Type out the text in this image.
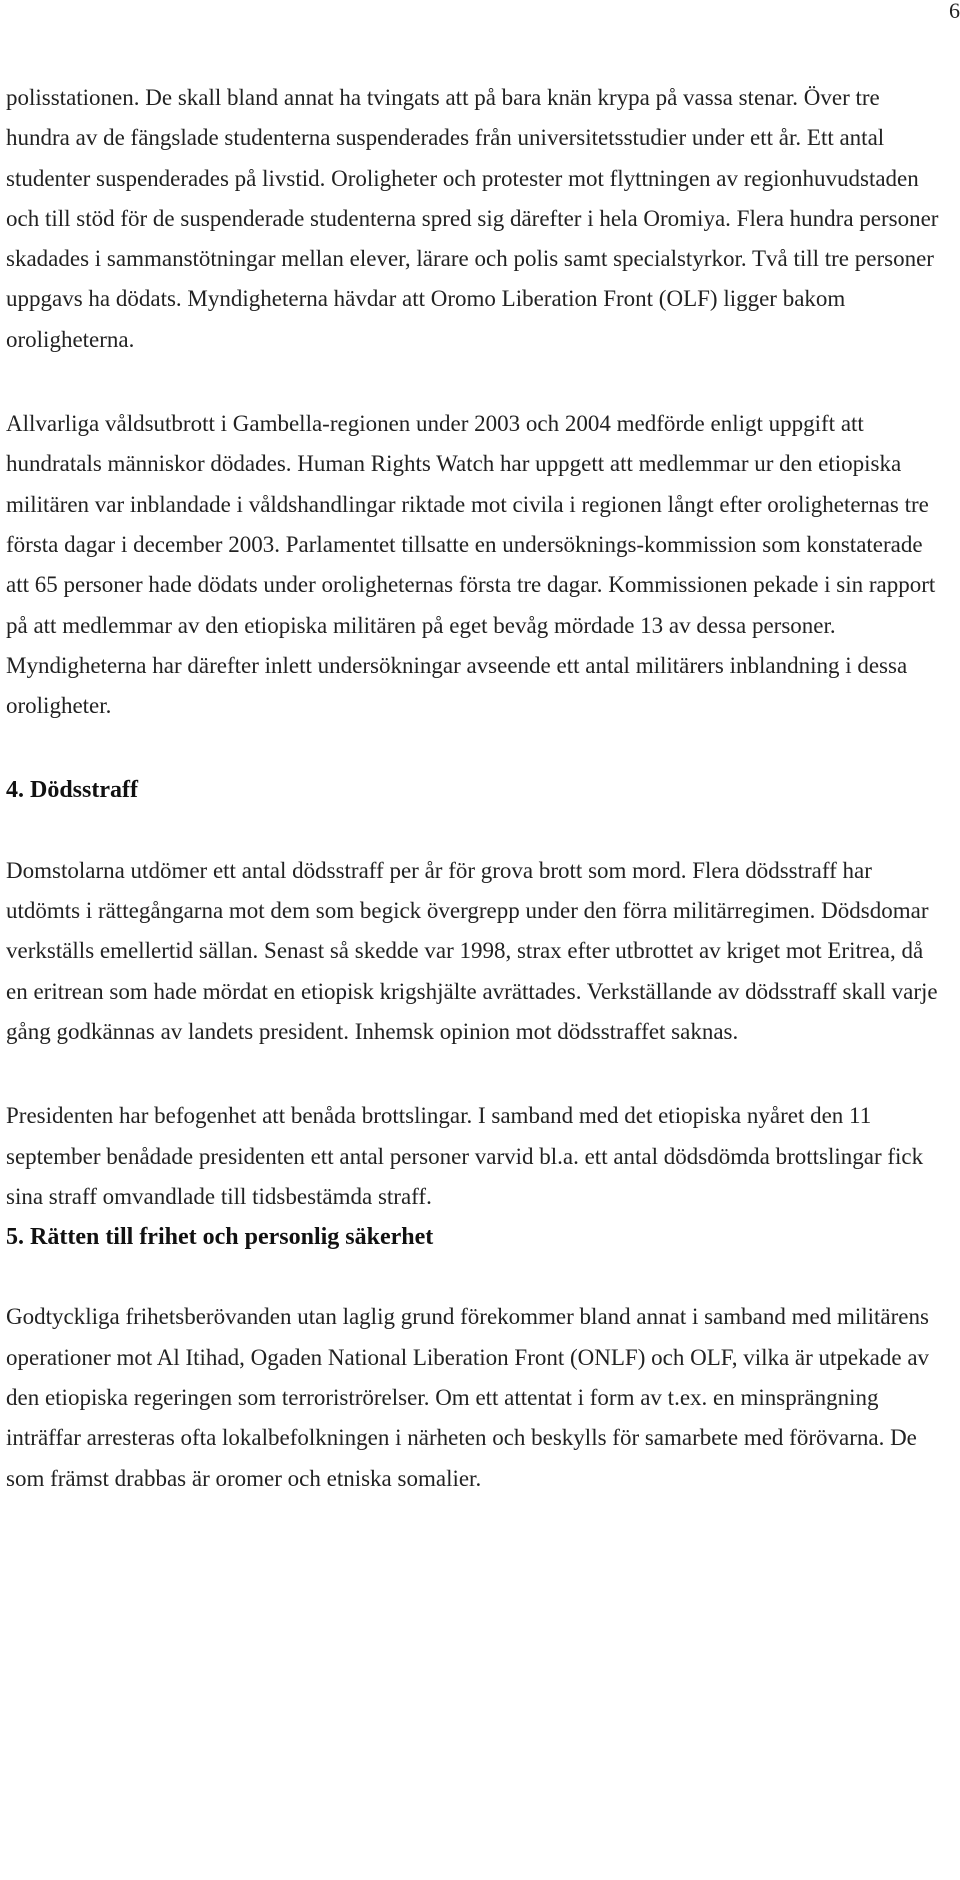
6

polisstationen. De skall bland annat ha tvingats att på bara knän krypa på vassa stenar. Över tre hundra av de fängslade studenterna suspenderades från universitetsstudier under ett år. Ett antal studenter suspenderades på livstid. Oroligheter och protester mot flyttningen av regionhuvudstaden och till stöd för de suspenderade studenterna spred sig därefter i hela Oromiya. Flera hundra personer skadades i sammanstötningar mellan elever, lärare och polis samt specialstyrkor. Två till tre personer uppgavs ha dödats. Myndigheterna hävdar att Oromo Liberation Front (OLF) ligger bakom oroligheterna.

Allvarliga våldsutbrott i Gambella-regionen under 2003 och 2004 medförde enligt uppgift att hundratals människor dödades. Human Rights Watch har uppgett att medlemmar ur den etiopiska militären var inblandade i våldshandlingar riktade mot civila i regionen långt efter oroligheternas tre första dagar i december 2003. Parlamentet tillsatte en undersöknings-kommission som konstaterade att 65 personer hade dödats under oroligheternas första tre dagar. Kommissionen pekade i sin rapport på att medlemmar av den etiopiska militären på eget bevåg mördade 13 av dessa personer. Myndigheterna har därefter inlett undersökningar avseende ett antal militärers inblandning i dessa oroligheter.

4. Dödsstraff

Domstolarna utdömer ett antal dödsstraff per år för grova brott som mord. Flera dödsstraff har utdömts i rättegångarna mot dem som begick övergrepp under den förra militärregimen. Dödsdomar verkställs emellertid sällan. Senast så skedde var 1998, strax efter utbrottet av kriget mot Eritrea, då en eritrean som hade mördat en etiopisk krigshjälte avrättades. Verkställande av dödsstraff skall varje gång godkännas av landets president. Inhemsk opinion mot dödsstraffet saknas.

Presidenten har befogenhet att benåda brottslingar. I samband med det etiopiska nyåret den 11 september benådade presidenten ett antal personer varvid bl.a. ett antal dödsdömda brottslingar fick sina straff omvandlade till tidsbestämda straff.

5. Rätten till frihet och personlig säkerhet

Godtyckliga frihetsberövanden utan laglig grund förekommer bland annat i samband med militärens operationer mot Al Itihad, Ogaden National Liberation Front (ONLF) och OLF, vilka är utpekade av den etiopiska regeringen som terroriströrelser. Om ett attentat i form av t.ex. en minsprängning inträffar arresteras ofta lokalbefolkningen i närheten och beskylls för samarbete med förövarna. De som främst drabbas är oromer och etniska somalier.
